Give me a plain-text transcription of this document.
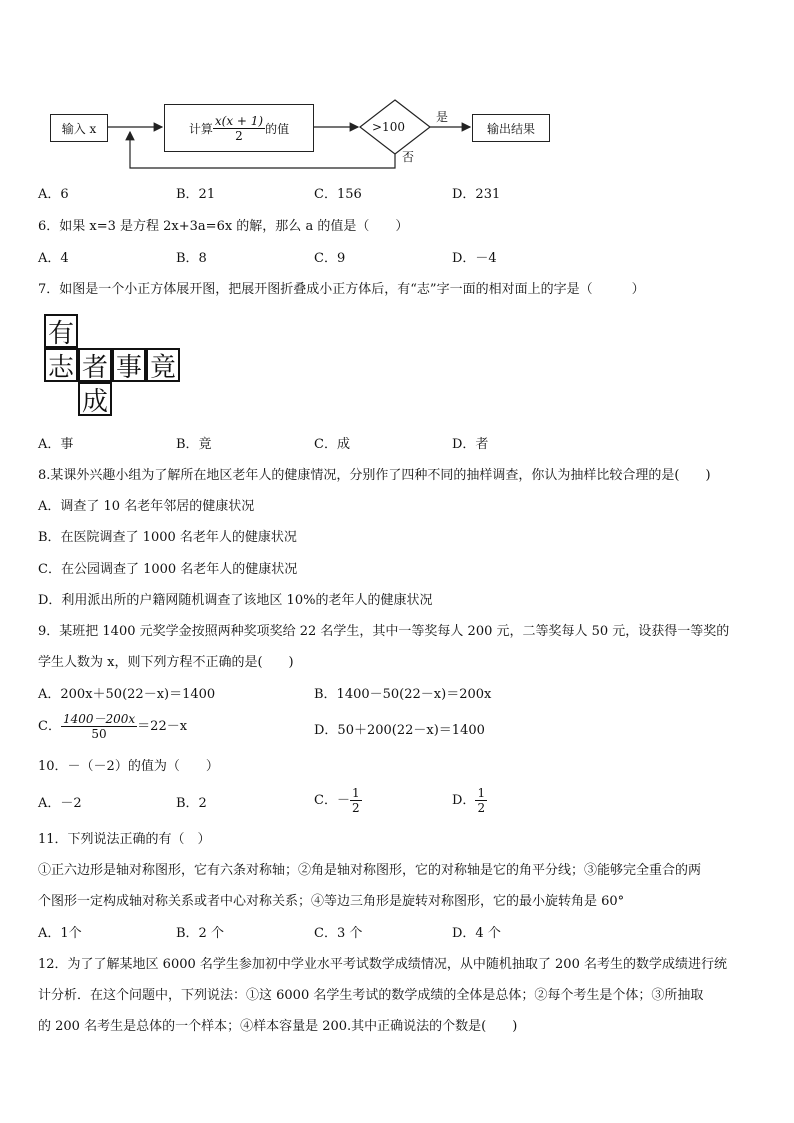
输入 x	计算 $\frac{x(x + 1)}{2}$ 的值	>100
是
否
输出结果
A．6	B．21	C．156	D．231
6．如果 x=3 是方程 2x+3a=6x 的解，那么 a 的值是（　　）
A．4	B．8	C．9	D．－4
7．如图是一个小正方体展开图，把展开图折叠成小正方体后，有“志”字一面的相对面上的字是（　　　）
有
志 者 事 竟
成
A．事	B．竟	C．成	D．者
8.某课外兴趣小组为了解所在地区老年人的健康情况，分别作了四种不同的抽样调查，你认为抽样比较合理的是(　　)
A．调查了 10 名老年邻居的健康状况
B．在医院调查了 1000 名老年人的健康状况
C．在公园调查了 1000 名老年人的健康状况
D．利用派出所的户籍网随机调查了该地区 10%的老年人的健康状况
9．某班把 1400 元奖学金按照两种奖项奖给 22 名学生，其中一等奖每人 200 元，二等奖每人 50 元，设获得一等奖的
学生人数为 x，则下列方程不正确的是(　　)
A．200x＋50(22－x)＝1400	B．1400－50(22－x)＝200x
C． $\frac{1400-200x}{50} =22-x$	D．50＋200(22－x)＝1400
10．－（－2）的值为（　　）
A．－2	B．2	C．－ $\frac{1}{2}$	D． $\frac{1}{2}$
11．下列说法正确的有（　）
①正六边形是轴对称图形，它有六条对称轴；②角是轴对称图形，它的对称轴是它的角平分线；③能够完全重合的两
个图形一定构成轴对称关系或者中心对称关系；④等边三角形是旋转对称图形，它的最小旋转角是 60°
A．1个	B．2 个	C．3 个	D．4 个
12．为了了解某地区 6000 名学生参加初中学业水平考试数学成绩情况，从中随机抽取了 200 名考生的数学成绩进行统
计分析．在这个问题中，下列说法：①这 6000 名学生考试的数学成绩的全体是总体；②每个考生是个体；③所抽取
的 200 名考生是总体的一个样本；④样本容量是 200.其中正确说法的个数是(　　)
